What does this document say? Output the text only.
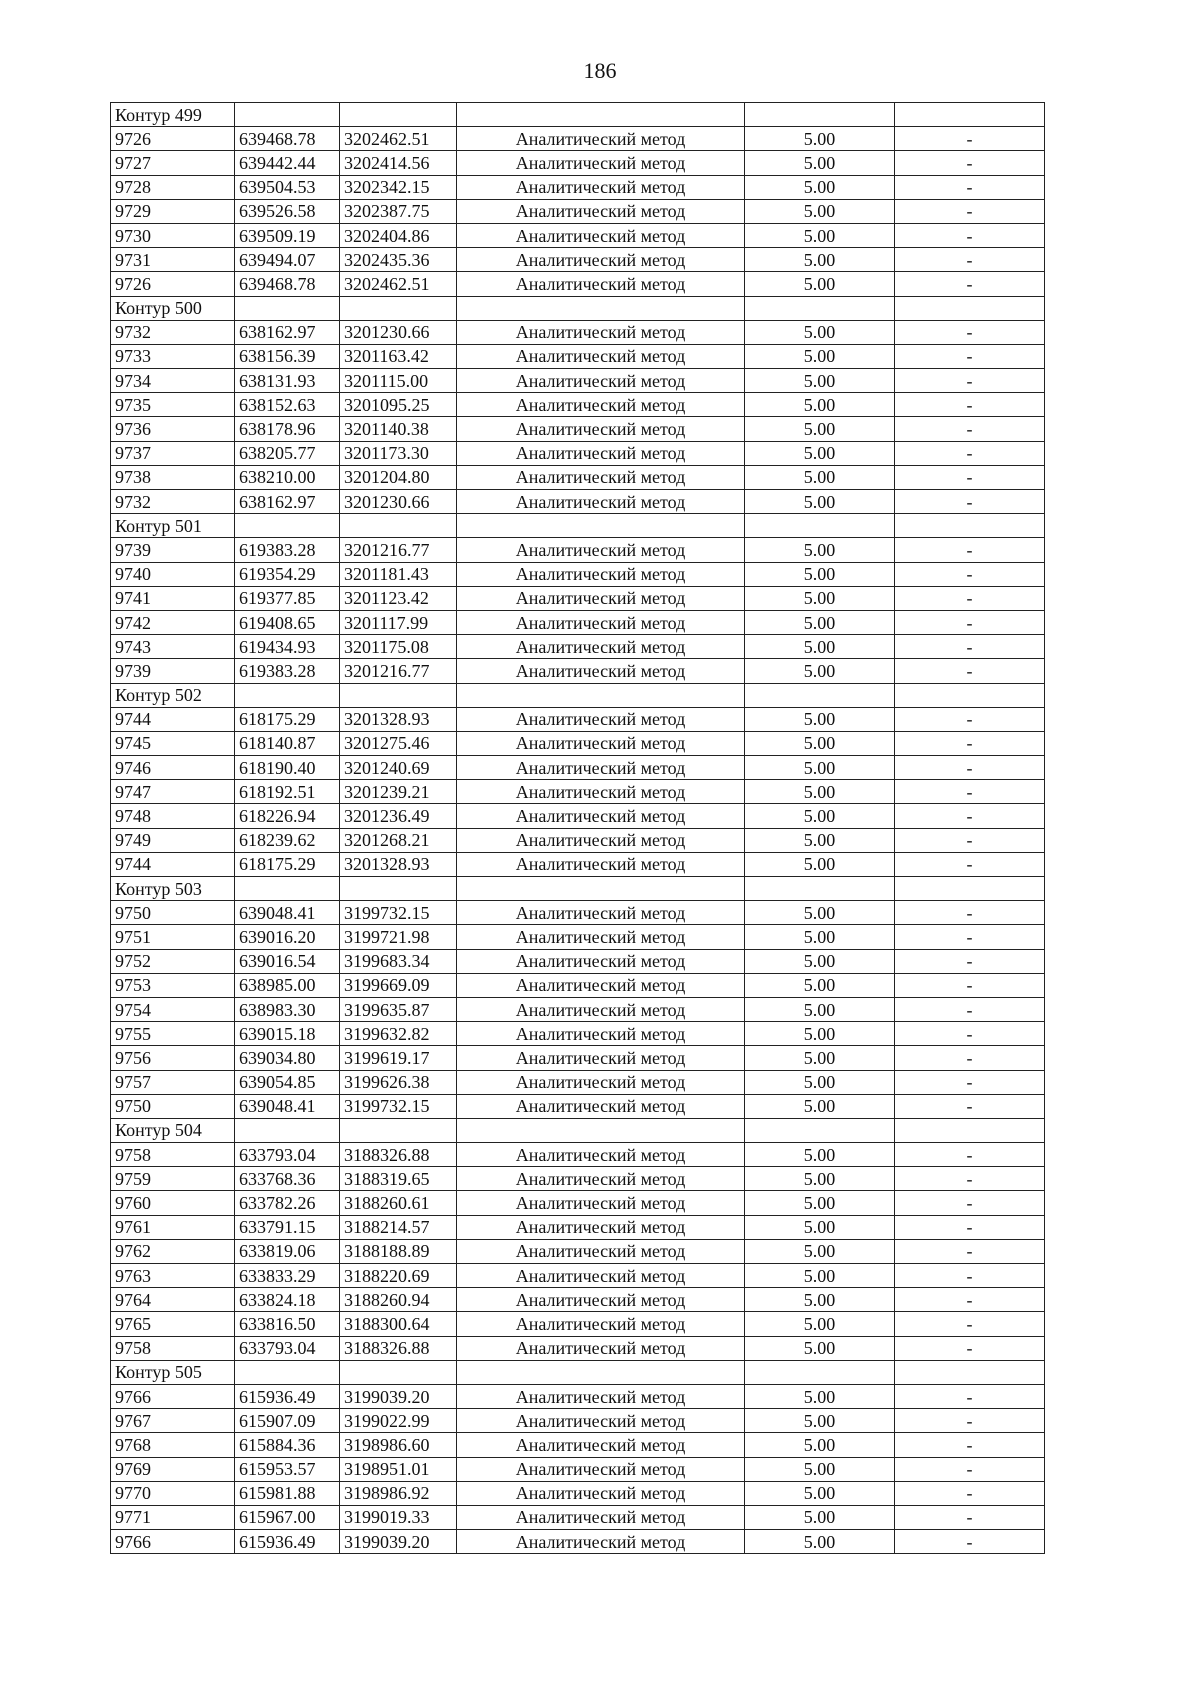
186
Контур 499					
9726	639468.78	3202462.51	Аналитический метод	5.00	-
9727	639442.44	3202414.56	Аналитический метод	5.00	-
9728	639504.53	3202342.15	Аналитический метод	5.00	-
9729	639526.58	3202387.75	Аналитический метод	5.00	-
9730	639509.19	3202404.86	Аналитический метод	5.00	-
9731	639494.07	3202435.36	Аналитический метод	5.00	-
9726	639468.78	3202462.51	Аналитический метод	5.00	-
Контур 500					
9732	638162.97	3201230.66	Аналитический метод	5.00	-
9733	638156.39	3201163.42	Аналитический метод	5.00	-
9734	638131.93	3201115.00	Аналитический метод	5.00	-
9735	638152.63	3201095.25	Аналитический метод	5.00	-
9736	638178.96	3201140.38	Аналитический метод	5.00	-
9737	638205.77	3201173.30	Аналитический метод	5.00	-
9738	638210.00	3201204.80	Аналитический метод	5.00	-
9732	638162.97	3201230.66	Аналитический метод	5.00	-
Контур 501					
9739	619383.28	3201216.77	Аналитический метод	5.00	-
9740	619354.29	3201181.43	Аналитический метод	5.00	-
9741	619377.85	3201123.42	Аналитический метод	5.00	-
9742	619408.65	3201117.99	Аналитический метод	5.00	-
9743	619434.93	3201175.08	Аналитический метод	5.00	-
9739	619383.28	3201216.77	Аналитический метод	5.00	-
Контур 502					
9744	618175.29	3201328.93	Аналитический метод	5.00	-
9745	618140.87	3201275.46	Аналитический метод	5.00	-
9746	618190.40	3201240.69	Аналитический метод	5.00	-
9747	618192.51	3201239.21	Аналитический метод	5.00	-
9748	618226.94	3201236.49	Аналитический метод	5.00	-
9749	618239.62	3201268.21	Аналитический метод	5.00	-
9744	618175.29	3201328.93	Аналитический метод	5.00	-
Контур 503					
9750	639048.41	3199732.15	Аналитический метод	5.00	-
9751	639016.20	3199721.98	Аналитический метод	5.00	-
9752	639016.54	3199683.34	Аналитический метод	5.00	-
9753	638985.00	3199669.09	Аналитический метод	5.00	-
9754	638983.30	3199635.87	Аналитический метод	5.00	-
9755	639015.18	3199632.82	Аналитический метод	5.00	-
9756	639034.80	3199619.17	Аналитический метод	5.00	-
9757	639054.85	3199626.38	Аналитический метод	5.00	-
9750	639048.41	3199732.15	Аналитический метод	5.00	-
Контур 504					
9758	633793.04	3188326.88	Аналитический метод	5.00	-
9759	633768.36	3188319.65	Аналитический метод	5.00	-
9760	633782.26	3188260.61	Аналитический метод	5.00	-
9761	633791.15	3188214.57	Аналитический метод	5.00	-
9762	633819.06	3188188.89	Аналитический метод	5.00	-
9763	633833.29	3188220.69	Аналитический метод	5.00	-
9764	633824.18	3188260.94	Аналитический метод	5.00	-
9765	633816.50	3188300.64	Аналитический метод	5.00	-
9758	633793.04	3188326.88	Аналитический метод	5.00	-
Контур 505					
9766	615936.49	3199039.20	Аналитический метод	5.00	-
9767	615907.09	3199022.99	Аналитический метод	5.00	-
9768	615884.36	3198986.60	Аналитический метод	5.00	-
9769	615953.57	3198951.01	Аналитический метод	5.00	-
9770	615981.88	3198986.92	Аналитический метод	5.00	-
9771	615967.00	3199019.33	Аналитический метод	5.00	-
9766	615936.49	3199039.20	Аналитический метод	5.00	-
